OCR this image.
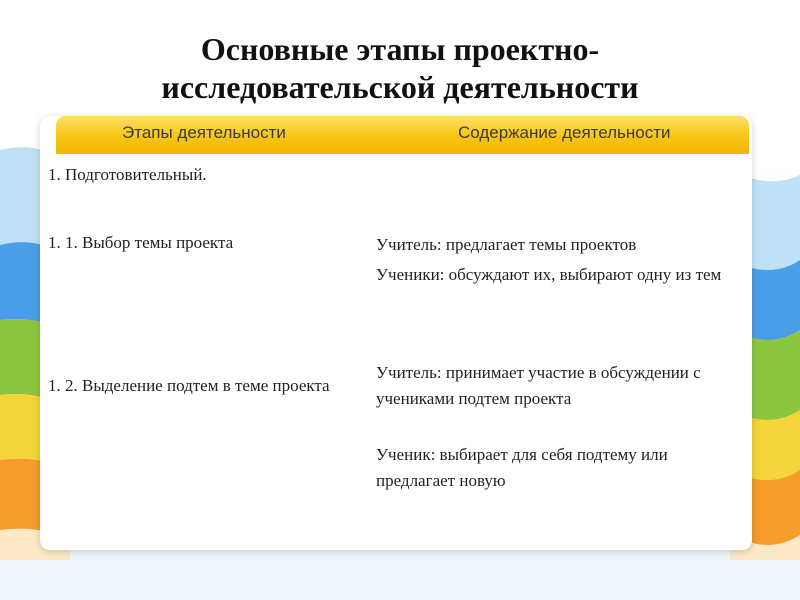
Основные этапы проектно-
исследовательской деятельности
Этапы деятельности	Содержание деятельности
1. Подготовительный.
1. 1. Выбор темы проекта	Учитель: предлагает темы проектов
Ученики: обсуждают их, выбирают одну из тем
1. 2. Выделение подтем в теме проекта
Учитель: принимает участие в обсуждении с учениками подтем проекта
Ученик: выбирает для себя подтему или предлагает новую
